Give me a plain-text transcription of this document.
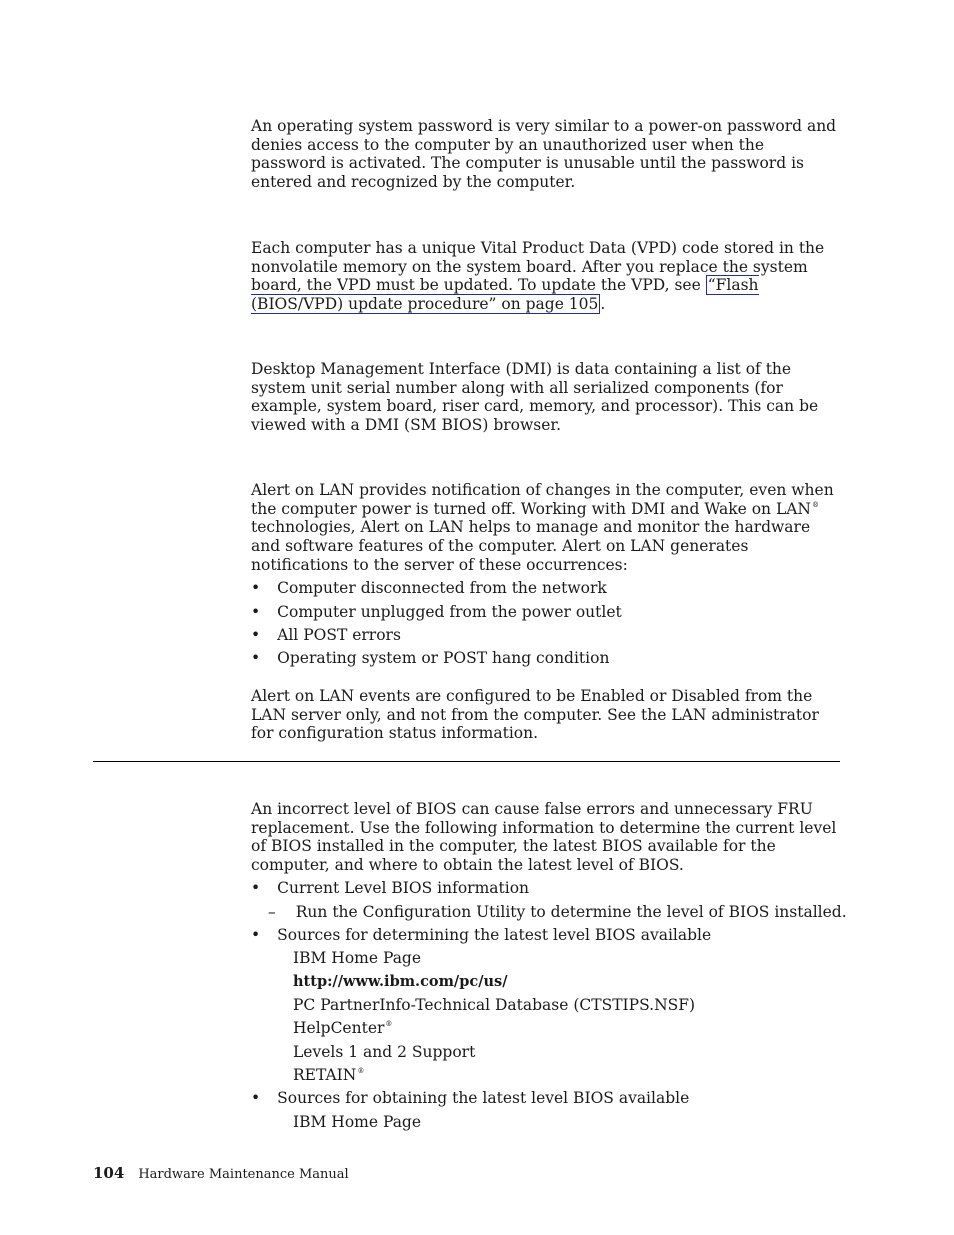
An operating system password is very similar to a power-on password and denies access to the computer by an unauthorized user when the password is activated. The computer is unusable until the password is entered and recognized by the computer.

Each computer has a unique Vital Product Data (VPD) code stored in the nonvolatile memory on the system board. After you replace the system board, the VPD must be updated. To update the VPD, see “Flash (BIOS/VPD) update procedure” on page 105 .

Desktop Management Interface (DMI) is data containing a list of the system unit serial number along with all serialized components (for example, system board, riser card, memory, and processor). This can be viewed with a DMI (SM BIOS) browser.

Alert on LAN provides notification of changes in the computer, even when the computer power is turned off. Working with DMI and Wake on LAN® technologies, Alert on LAN helps to manage and monitor the hardware and software features of the computer. Alert on LAN generates notifications to the server of these occurrences:

• Computer disconnected from the network
• Computer unplugged from the power outlet
• All POST errors
• Operating system or POST hang condition

Alert on LAN events are configured to be Enabled or Disabled from the LAN server only, and not from the computer. See the LAN administrator for configuration status information.

An incorrect level of BIOS can cause false errors and unnecessary FRU replacement. Use the following information to determine the current level of BIOS installed in the computer, the latest BIOS available for the computer, and where to obtain the latest level of BIOS.

• Current Level BIOS information
– Run the Configuration Utility to determine the level of BIOS installed.
• Sources for determining the latest level BIOS available
IBM Home Page
http://www.ibm.com/pc/us/
PC PartnerInfo-Technical Database (CTSTIPS.NSF)
HelpCenter®
Levels 1 and 2 Support
RETAIN®
• Sources for obtaining the latest level BIOS available
IBM Home Page
104 Hardware Maintenance Manual
